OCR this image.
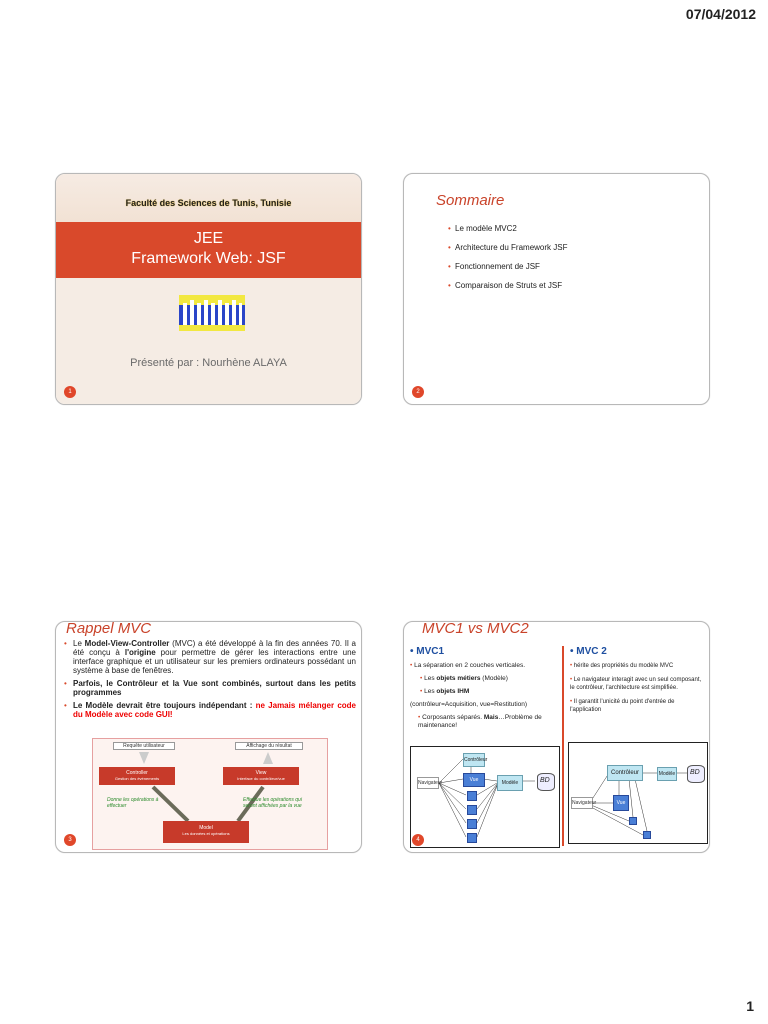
07/04/2012
Faculté des Sciences de Tunis, Tunisie
JEE
Framework Web: JSF
Présenté par : Nourhène ALAYA
1
Sommaire
• Le modèle MVC2
• Architecture du Framework JSF
• Fonctionnement de JSF
• Comparaison de Struts et JSF
2
Rappel MVC
• Le Model-View-Controller (MVC) a été développé à la fin des années 70. Il a été conçu à l'origine pour permettre de gérer les interactions entre une interface graphique et un utilisateur sur les premiers ordinateurs possédant un système à base de fenêtres.
• Parfois, le Contrôleur et la Vue sont combinés, surtout dans les petits programmes
• Le Modèle devrait être toujours indépendant : ne Jamais mélanger code du Modèle avec code GUI!
Requête utilisateur	Affichage du résultat
Controller
Gestion des événements
View
Interface du contrôleur/vue
Donne les opérations à effectuer
Effectue les opérations qui seront affichées par la vue
Model
Les données et opérations
3
MVC1 vs MVC2
• MVC1
• La séparation en 2 couches verticales.
• Les objets métiers (Modèle)
• Les objets IHM
(contrôleur=Acquisition, vue=Restitution)
• Corposants séparés. Mais…Problème de maintenance!
• MVC 2
• hérite des propriétés du modèle MVC
• Le navigateur interagit avec un seul composant, le contrôleur, l'architecture est simplifiée.
• Il garantit l'unicité du point d'entrée de l'application
Navigateur
Contrôleur
Vue	Modèle	BD
Navigateur
Contrôleur	Modèle
Vue
BD
4
1
